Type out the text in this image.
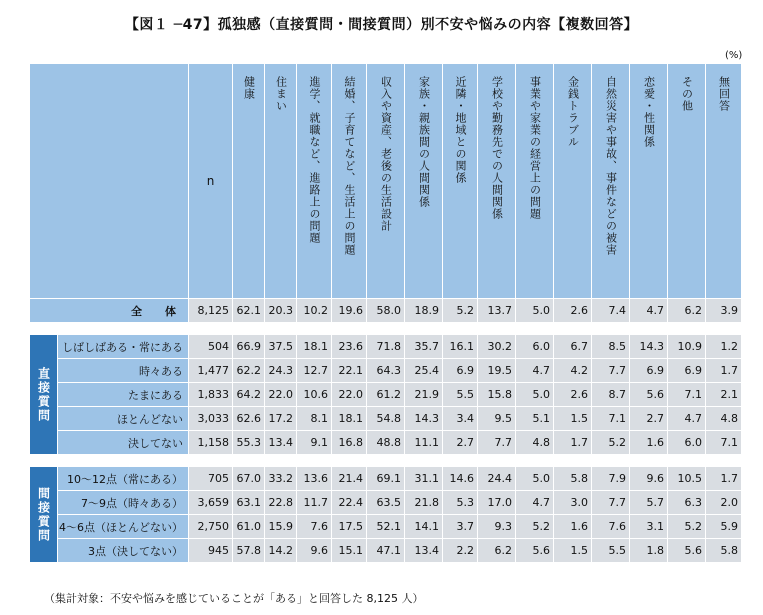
【図１ ─47】孤独感（直接質問・間接質問）別不安や悩みの内容【複数回答】
(%)
		n	健康	住まい	進学、就職など、進路上の問題	結婚、子育てなど、生活上の問題	収入や資産、老後の生活設計	家族・親族間の人間関係	近隣・地域との関係	学校や勤務先での人間関係	事業や家業の経営上の問題	金銭トラブル	自然災害や事故、事件などの被害	恋愛・性関係	その他	無回答

全　体		8,125	62.1	20.3	10.2	19.6	58.0	18.9	5.2	13.7	5.0	2.6	7.4	4.7	6.2	3.9

直接質問	しばしばある・常にある	504	66.9	37.5	18.1	23.6	71.8	35.7	16.1	30.2	6.0	6.7	8.5	14.3	10.9	1.2
	時々ある	1,477	62.2	24.3	12.7	22.1	64.3	25.4	6.9	19.5	4.7	4.2	7.7	6.9	6.9	1.7
	たまにある	1,833	64.2	22.0	10.6	22.0	61.2	21.9	5.5	15.8	5.0	2.6	8.7	5.6	7.1	2.1
	ほとんどない	3,033	62.6	17.2	8.1	18.1	54.8	14.3	3.4	9.5	5.1	1.5	7.1	2.7	4.7	4.8
	決してない	1,158	55.3	13.4	9.1	16.8	48.8	11.1	2.7	7.7	4.8	1.7	5.2	1.6	6.0	7.1

間接質問	10～12点（常にある）	705	67.0	33.2	13.6	21.4	69.1	31.1	14.6	24.4	5.0	5.8	7.9	9.6	10.5	1.7
	7～9点（時々ある）	3,659	63.1	22.8	11.7	22.4	63.5	21.8	5.3	17.0	4.7	3.0	7.7	5.7	6.3	2.0
	4～6点（ほとんどない）	2,750	61.0	15.9	7.6	17.5	52.1	14.1	3.7	9.3	5.2	1.6	7.6	3.1	5.2	5.9
	3点（決してない）	945	57.8	14.2	9.6	15.1	47.1	13.4	2.2	6.2	5.6	1.5	5.5	1.8	5.6	5.8
（集計対象：不安や悩みを感じていることが「ある」と回答した 8,125 人）
